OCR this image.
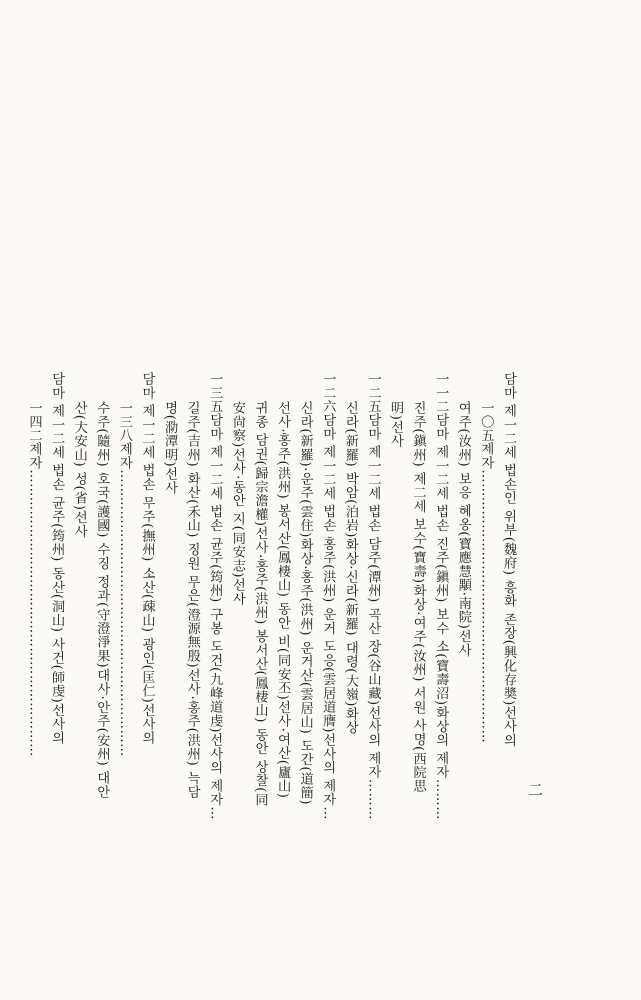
二
담마 제一二세 법손인 위부(魏府) 흥화 존장(興化存奬)선사의
제자……………………………………………………
一〇五
여주(汝州) 보응 혜옹(寶應慧顒·南院)선사
담마 제一二세 법손 진주(鎭州) 보수 소(寶壽沼)화상의 제자………
一一二
진주(鎭州) 제二세 보수(寶壽)화상·여주(汝州) 서원 사명(西院思
明)선사
담마 제一二세 법손 담주(潭州) 곡산 장(谷山藏)선사의 제자………
一二五
신라(新羅) 박암(泊岩)화상·신라(新羅) 대령(大嶺)화상
담마 제一二세 법손 홍주(洪州) 운거 도응(雲居道膺)선사의 제자…
一二六
신라(新羅)·운주(雲住)화상·홍주(洪州) 운거산(雲居山) 도간(道簡)
선사·홍주(洪州) 봉서산(鳳棲山) 동안 비(同安丕)선사·여산(廬山)
귀종 담권(歸宗澹權)선사·홍주(洪州) 봉서산(鳳棲山) 동안 상찰(同
安尙察)선사·동안 지(同安志)선사
담마 제一二세 법손 균주(筠州) 구봉 도건(九峰道虔)선사의 제자…
一三五
길주(吉州) 화산(禾山) 징원 무은(澄源無殷)선사·홍주(洪州) 늑담
명(泐潭明)선사
담마 제一二세 법손 무주(撫州) 소산(疎山) 광인(匡仁)선사의
제자………………………………………………………
一三八
수주(隨州) 호국(護國) 수징 정과(守澄淨果)대사·안주(安州) 대안
산(大安山) 성(省)선사
담마 제一二세 법손 균주(筠州) 동산(洞山) 사건(師虔)선사의
제자………………………………………………………
一四二
